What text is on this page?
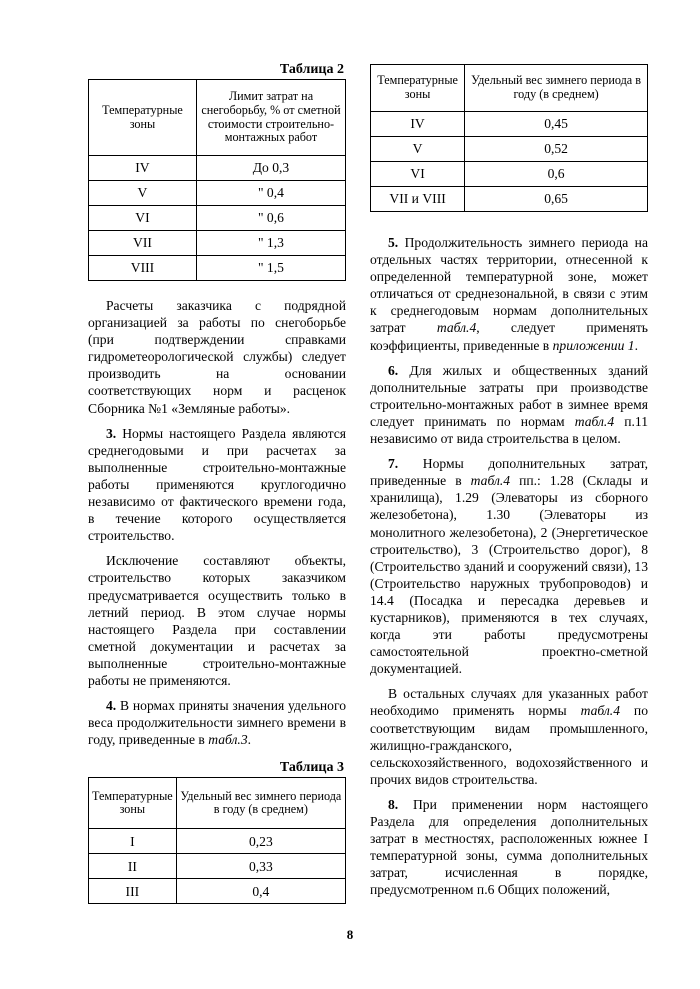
Таблица 2
Температурные зоны	Лимит затрат на снегоборьбу, % от сметной стоимости строительно-монтажных работ
IV	До 0,3
V	" 0,4
VI	" 0,6
VII	" 1,3
VIII	" 1,5

Расчеты заказчика с подрядной организацией за работы по снегоборьбе (при подтверждении справками гидрометеорологической службы) следует производить на основании соответствующих норм и расценок Сборника №1 «Земляные работы».

3. Нормы настоящего Раздела являются среднегодовыми и при расчетах за выполненные строительно-монтажные работы применяются круглогодично независимо от фактического времени года, в течение которого осуществляется строительство.

Исключение составляют объекты, строительство которых заказчиком предусматривается осуществить только в летний период. В этом случае нормы настоящего Раздела при составлении сметной документации и расчетах за выполненные строительно-монтажные работы не применяются.

4. В нормах приняты значения удельного веса продолжительности зимнего времени в году, приведенные в табл.3.

Таблица 3
Температурные зоны	Удельный вес зимнего периода в году (в среднем)
I	0,23
II	0,33
III	0,4
Температурные зоны	Удельный вес зимнего периода в году (в среднем)
IV	0,45
V	0,52
VI	0,6
VII и VIII	0,65

5. Продолжительность зимнего периода на отдельных частях территории, отнесенной к определенной температурной зоне, может отличаться от среднезональной, в связи с этим к среднегодовым нормам дополнительных затрат табл.4, следует применять коэффициенты, приведенные в приложении 1.

6. Для жилых и общественных зданий дополнительные затраты при производстве строительно-монтажных работ в зимнее время следует принимать по нормам табл.4 п.11 независимо от вида строительства в целом.

7. Нормы дополнительных затрат, приведенные в табл.4 пп.: 1.28 (Склады и хранилища), 1.29 (Элеваторы из сборного железобетона), 1.30 (Элеваторы из монолитного железобетона), 2 (Энергетическое строительство), 3 (Строительство дорог), 8 (Строительство зданий и сооружений связи), 13 (Строительство наружных трубопроводов) и 14.4 (Посадка и пересадка деревьев и кустарников), применяются в тех случаях, когда эти работы предусмотрены самостоятельной проектно-сметной документацией.

В остальных случаях для указанных работ необходимо применять нормы табл.4 по соответствующим видам промышленного, жилищно-гражданского, сельскохозяйственного, водохозяйственного и прочих видов строительства.

8. При применении норм настоящего Раздела для определения дополнительных затрат в местностях, расположенных южнее I температурной зоны, сумма дополнительных затрат, исчисленная в порядке, предусмотренном п.6 Общих положений,

8
